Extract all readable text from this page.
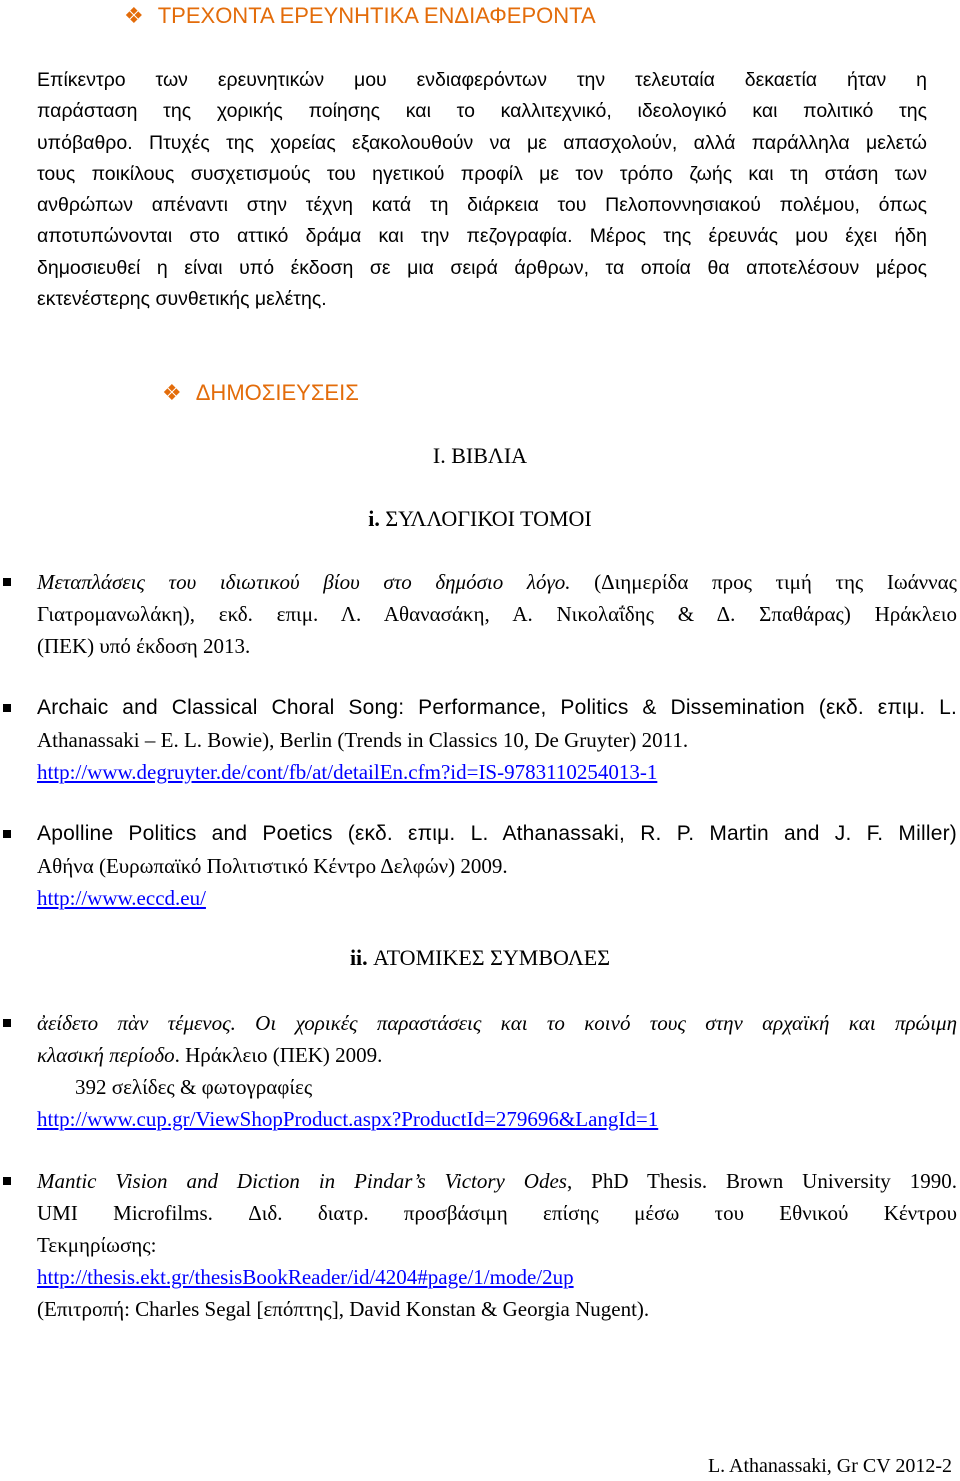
❖ ΤΡΕΧΟΝΤΑ ΕΡΕΥΝΗΤΙΚΑ ΕΝΔΙΑΦΕΡΟΝΤΑ
Επίκεντρο των ερευνητικών μου ενδιαφερόντων την τελευταία δεκαετία ήταν η
παράσταση της χορικής ποίησης και το καλλιτεχνικό, ιδεολογικό και πολιτικό της
υπόβαθρο. Πτυχές της χορείας εξακολουθούν να με απασχολούν, αλλά παράλληλα μελετώ
τους ποικίλους συσχετισμούς του ηγετικού προφίλ με τον τρόπο ζωής και τη στάση των
ανθρώπων απέναντι στην τέχνη κατά τη διάρκεια του Πελοποννησιακού πολέμου, όπως
αποτυπώνονται στο αττικό δράμα και την πεζογραφία. Μέρος της έρευνάς μου έχει ήδη
δημοσιευθεί η είναι υπό έκδοση σε μια σειρά άρθρων, τα οποία θα αποτελέσουν μέρος
εκτενέστερης συνθετικής μελέτης.
❖ ΔΗΜΟΣΙΕΥΣΕΙΣ
I. ΒΙΒΛΙΑ
i. ΣΥΛΛΟΓΙΚΟΙ ΤΟΜΟΙ

Μεταπλάσεις του ιδιωτικού βίου στο δημόσιο λόγο. (Διημερίδα προς τιμή της Ιωάννας

Γιατρομανωλάκη), εκδ. επιμ. Λ. Αθανασάκη, Α. Νικολαΐδης & Δ. Σπαθάρας) Ηράκλειο

(ΠΕΚ) υπό έκδοση 2013.

Archaic and Classical Choral Song: Performance, Politics & Dissemination (εκδ. επιμ. L.

Athanassaki – E. L. Bowie), Berlin (Trends in Classics 10, De Gruyter) 2011.

http://www.degruyter.de/cont/fb/at/detailEn.cfm?id=IS-9783110254013-1

Apolline Politics and Poetics (εκδ. επιμ. L. Athanassaki, R. P. Martin and J. F. Miller)

Αθήνα (Ευρωπαϊκό Πολιτιστικό Κέντρο Δελφών) 2009.

http://www.eccd.eu/

ii. ΑΤΟΜΙΚΕΣ ΣΥΜΒΟΛΕΣ

ἀείδετο πὰν τέμενος. Οι χορικές παραστάσεις και το κοινό τους στην αρχαϊκή και πρώιμη

κλασική περίοδο. Ηράκλειο (ΠΕΚ) 2009.

392 σελίδες & φωτογραφίες

http://www.cup.gr/ViewShopProduct.aspx?ProductId=279696&LangId=1

Mantic Vision and Diction in Pindar’s Victory Odes, PhD Thesis. Brown University 1990.

UMI Microfilms. Διδ. διατρ. προσβάσιμη επίσης μέσω του Εθνικού Κέντρου

Τεκμηρίωσης:

http://thesis.ekt.gr/thesisBookReader/id/4204#page/1/mode/2up

(Επιτροπή: Charles Segal [επόπτης], David Konstan & Georgia Nugent).

L. Athanassaki, Gr CV 2012-2
